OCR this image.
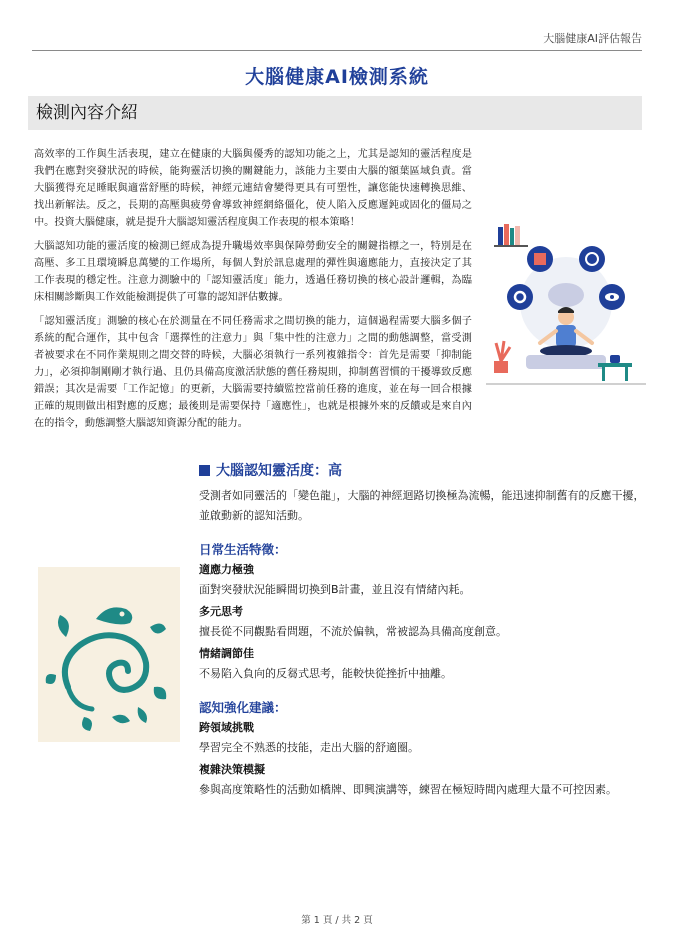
大腦健康AI評估報告
大腦健康AI檢測系統
檢測內容介紹

高效率的工作與生活表現，建立在健康的大腦與優秀的認知功能之上，尤其是認知的靈活程度是我們在應對突發狀況的時候，能夠靈活切換的關鍵能力，該能力主要由大腦的額葉區域負責。當大腦獲得充足睡眠與適當舒壓的時候，神經元連結會變得更具有可塑性，讓您能快速轉換思維、找出新解法。反之，長期的高壓與疲勞會導致神經網絡僵化，使人陷入反應遲鈍或固化的僵局之中。投資大腦健康，就是提升大腦認知靈活程度與工作表現的根本策略！

大腦認知功能的靈活度的檢測已經成為提升職場效率與保障勞動安全的關鍵指標之一，特別是在高壓、多工且環境瞬息萬變的工作場所，每個人對於訊息處理的彈性與適應能力，直接決定了其工作表現的穩定性。注意力測驗中的「認知靈活度」能力，透過任務切換的核心設計邏輯，為臨床相關診斷與工作效能檢測提供了可靠的認知評估數據。

「認知靈活度」測驗的核心在於測量在不同任務需求之間切換的能力，這個過程需要大腦多個子系統的配合運作，其中包含「選擇性的注意力」與「集中性的注意力」之間的動態調整，當受測者被要求在不同作業規則之間交替的時候，大腦必須執行一系列複雜指令：首先是需要「抑制能力」，必須抑制剛剛才執行過、且仍具備高度激活狀態的舊任務規則，抑制舊習慣的干擾導致反應錯誤；其次是需要「工作記憶」的更新，大腦需要持續監控當前任務的進度，並在每一回合根據正確的規則做出相對應的反應；最後則是需要保持「適應性」，也就是根據外來的反饋或是來自內在的指令，動態調整大腦認知資源分配的能力。

大腦認知靈活度：高
受測者如同靈活的「變色龍」，大腦的神經迴路切換極為流暢，能迅速抑制舊有的反應干擾，並啟動新的認知活動。
日常生活特徵：
適應力極強
面對突發狀況能瞬間切換到B計畫，並且沒有情緒內耗。
多元思考
擅長從不同觀點看問題，不流於偏執，常被認為具備高度創意。
情緒調節佳
不易陷入負向的反芻式思考，能較快從挫折中抽離。
認知強化建議：
跨領域挑戰
學習完全不熟悉的技能，走出大腦的舒適圈。
複雜決策模擬
參與高度策略性的活動如橋牌、即興演講等，練習在極短時間內處理大量不可控因素。
第 1 頁 / 共 2 頁
